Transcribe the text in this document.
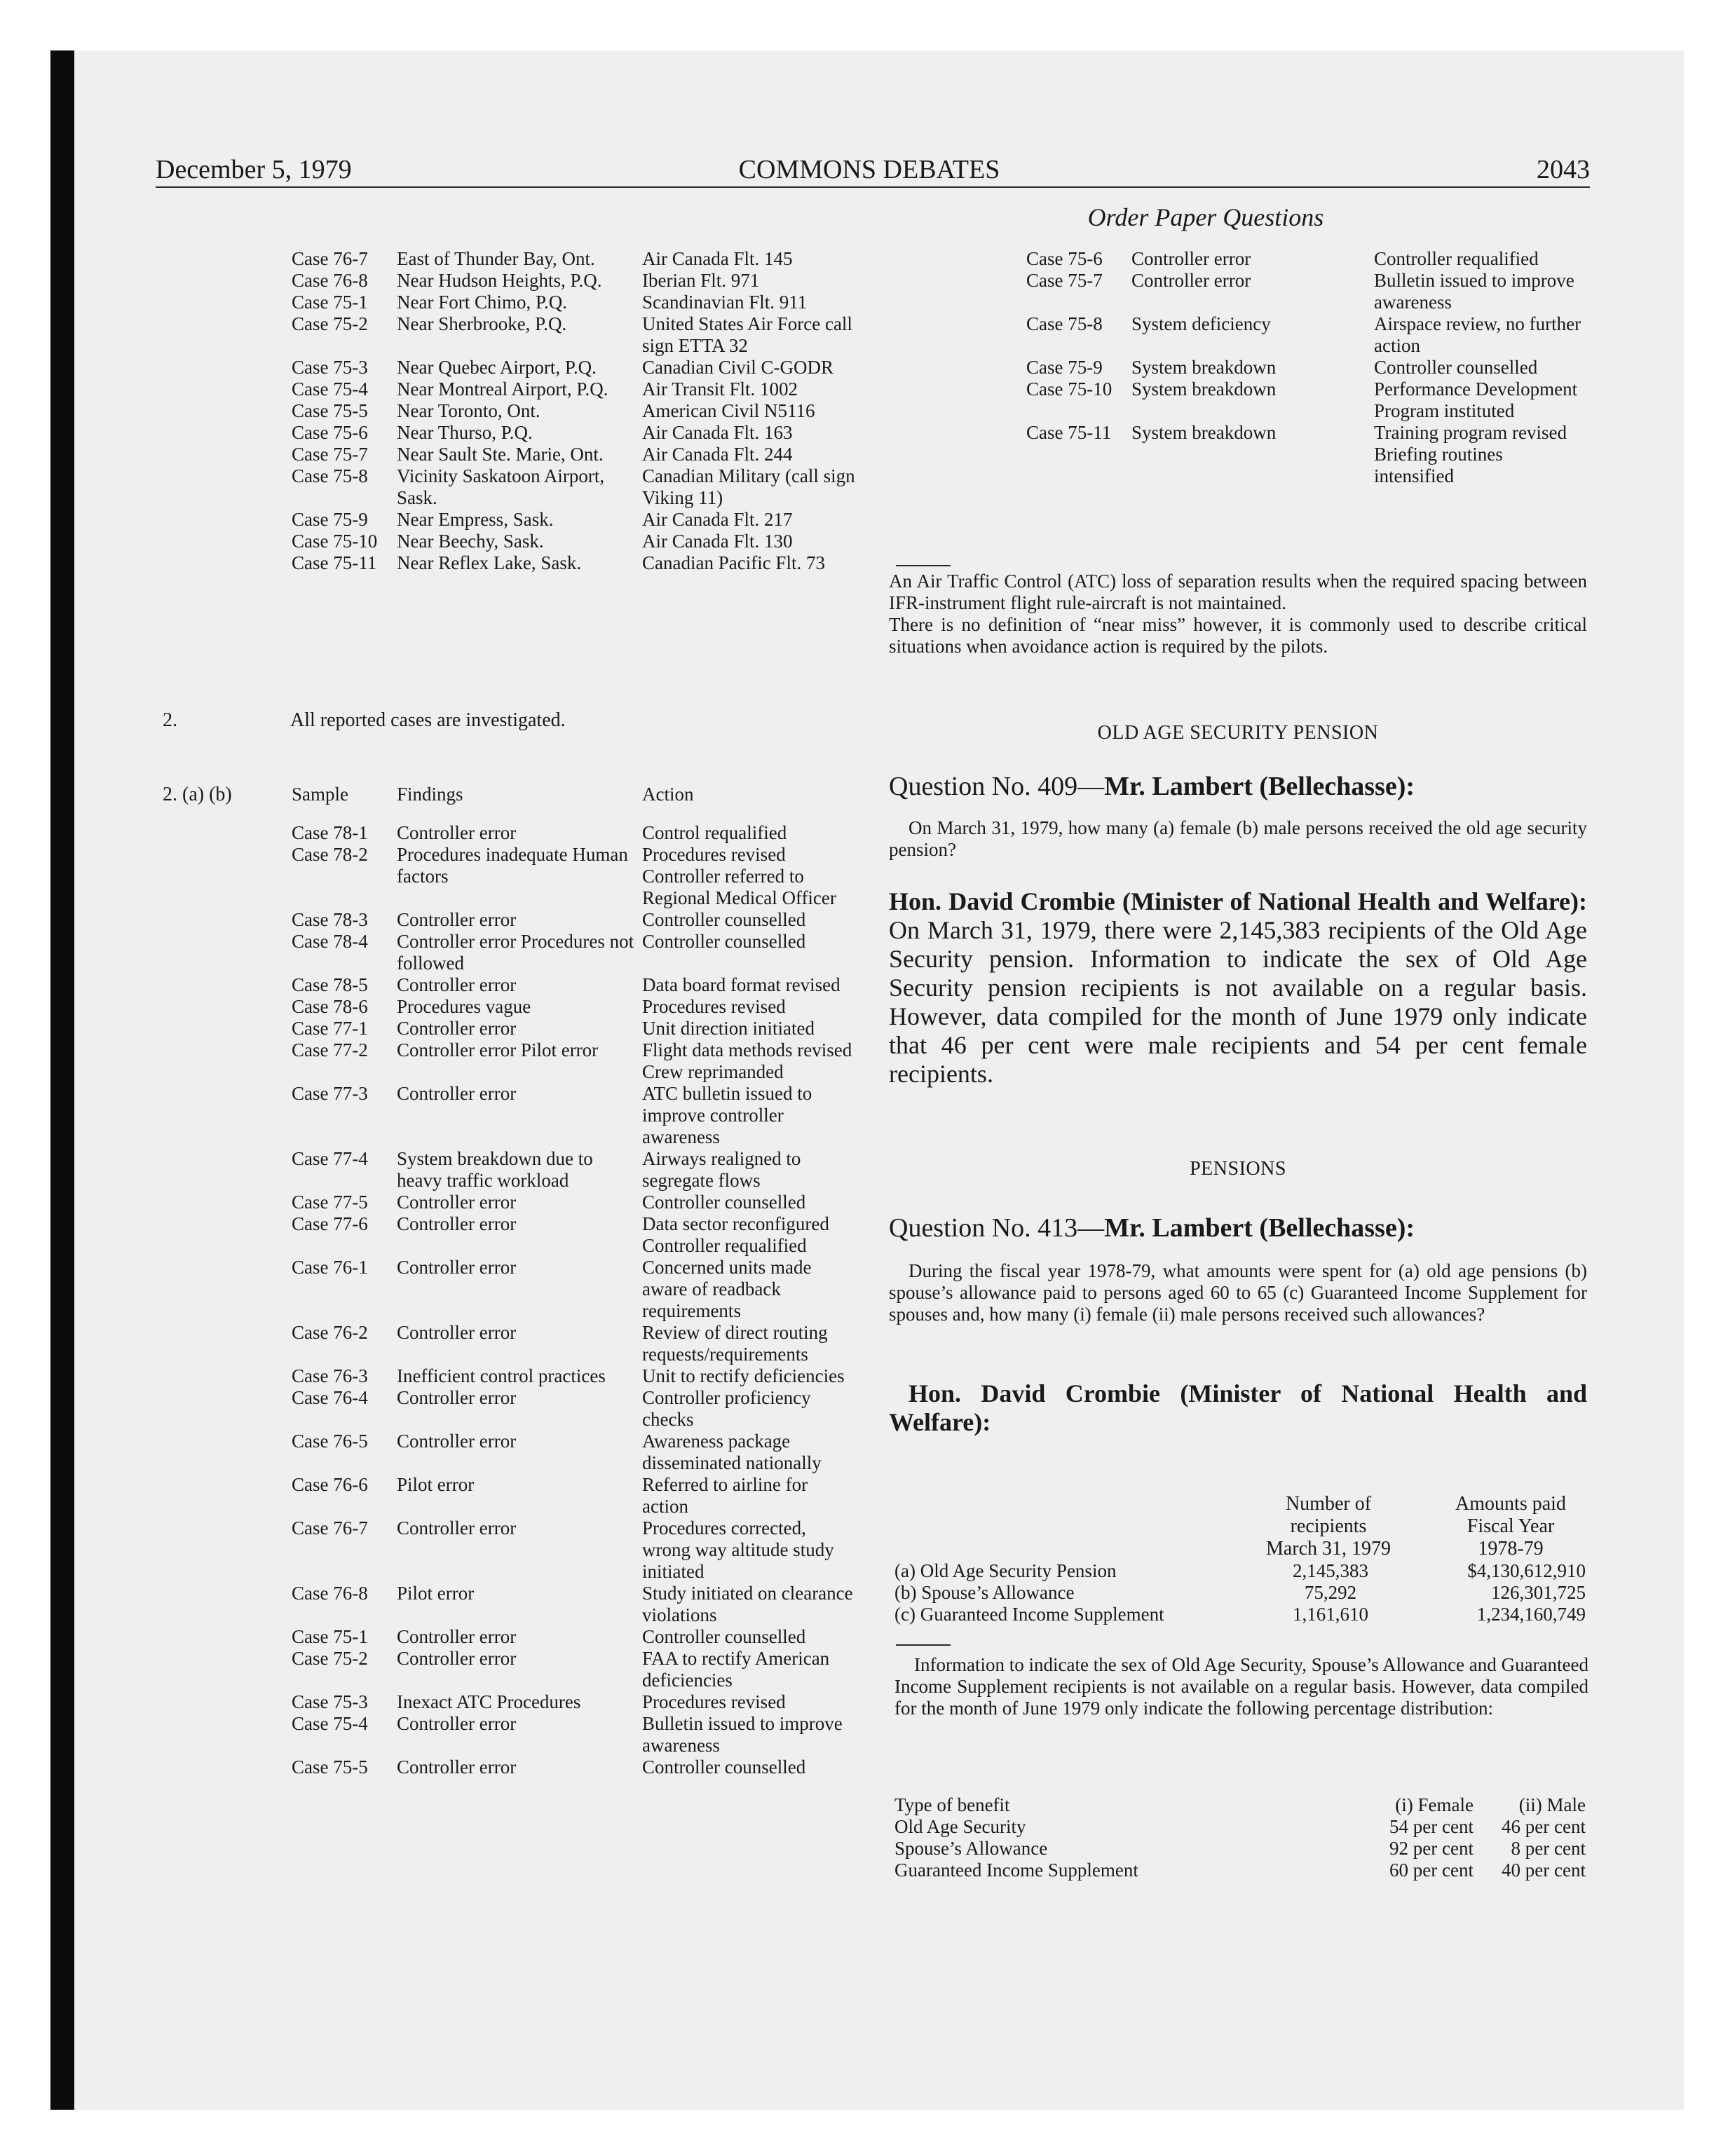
December 5, 1979	COMMONS DEBATES	2043
Order Paper Questions
Case 76-7	East of Thunder Bay, Ont.	Air Canada Flt. 145
Case 76-8	Near Hudson Heights, P.Q.	Iberian Flt. 971
Case 75-1	Near Fort Chimo, P.Q.	Scandinavian Flt. 911
Case 75-2	Near Sherbrooke, P.Q.	United States Air Force call sign ETTA 32
Case 75-3	Near Quebec Airport, P.Q.	Canadian Civil C-GODR
Case 75-4	Near Montreal Airport, P.Q.	Air Transit Flt. 1002
Case 75-5	Near Toronto, Ont.	American Civil N5116
Case 75-6	Near Thurso, P.Q.	Air Canada Flt. 163
Case 75-7	Near Sault Ste. Marie, Ont.	Air Canada Flt. 244
Case 75-8	Vicinity Saskatoon Airport, Sask.	Canadian Military (call sign Viking 11)
Case 75-9	Near Empress, Sask.	Air Canada Flt. 217
Case 75-10	Near Beechy, Sask.	Air Canada Flt. 130
Case 75-11	Near Reflex Lake, Sask.	Canadian Pacific Flt. 73
2.	All reported cases are investigated.
2. (a) (b)	Sample	Findings	Action

Case 78-1	Controller error	Control requalified
Case 78-2	Procedures inadequate Human factors	Procedures revised Controller referred to Regional Medical Officer
Case 78-3	Controller error	Controller counselled
Case 78-4	Controller error Procedures not followed	Controller counselled
Case 78-5	Controller error	Data board format revised
Case 78-6	Procedures vague	Procedures revised
Case 77-1	Controller error	Unit direction initiated
Case 77-2	Controller error Pilot error	Flight data methods revised Crew reprimanded
Case 77-3	Controller error	ATC bulletin issued to improve controller awareness
Case 77-4	System breakdown due to heavy traffic workload	Airways realigned to segregate flows
Case 77-5	Controller error	Controller counselled
Case 77-6	Controller error	Data sector reconfigured Controller requalified
Case 76-1	Controller error	Concerned units made aware of readback requirements
Case 76-2	Controller error	Review of direct routing requests/requirements
Case 76-3	Inefficient control practices	Unit to rectify deficiencies
Case 76-4	Controller error	Controller proficiency checks
Case 76-5	Controller error	Awareness package disseminated nationally
Case 76-6	Pilot error	Referred to airline for action
Case 76-7	Controller error	Procedures corrected, wrong way altitude study initiated
Case 76-8	Pilot error	Study initiated on clearance violations
Case 75-1	Controller error	Controller counselled
Case 75-2	Controller error	FAA to rectify American deficiencies
Case 75-3	Inexact ATC Procedures	Procedures revised
Case 75-4	Controller error	Bulletin issued to improve awareness
Case 75-5	Controller error	Controller counselled
Case 75-6	Controller error	Controller requalified
Case 75-7	Controller error	Bulletin issued to improve awareness
Case 75-8	System deficiency	Airspace review, no further action
Case 75-9	System breakdown	Controller counselled
Case 75-10	System breakdown	Performance Development Program instituted
Case 75-11	System breakdown	Training program revised Briefing routines intensified
An Air Traffic Control (ATC) loss of separation results when the required spacing between IFR-instrument flight rule-aircraft is not maintained.
There is no definition of “near miss” however, it is commonly used to describe critical situations when avoidance action is required by the pilots.
OLD AGE SECURITY PENSION
Question No. 409—Mr. Lambert (Bellechasse):
On March 31, 1979, how many (a) female (b) male persons received the old age security pension?
Hon. David Crombie (Minister of National Health and Welfare): On March 31, 1979, there were 2,145,383 recipients of the Old Age Security pension. Information to indicate the sex of Old Age Security pension recipients is not available on a regular basis. However, data compiled for the month of June 1979 only indicate that 46 per cent were male recipients and 54 per cent female recipients.
PENSIONS
Question No. 413—Mr. Lambert (Bellechasse):
During the fiscal year 1978-79, what amounts were spent for (a) old age pensions (b) spouse’s allowance paid to persons aged 60 to 65 (c) Guaranteed Income Supplement for spouses and, how many (i) female (ii) male persons received such allowances?
Hon. David Crombie (Minister of National Health and Welfare):
Number of
recipients
March 31, 1979
Amounts paid
Fiscal Year
1978-79
(a) Old Age Security Pension	2,145,383	$4,130,612,910
(b) Spouse’s Allowance	75,292	126,301,725
(c) Guaranteed Income Supplement	1,161,610	1,234,160,749
Information to indicate the sex of Old Age Security, Spouse’s Allowance and Guaranteed Income Supplement recipients is not available on a regular basis. However, data compiled for the month of June 1979 only indicate the following percentage distribution:
Type of benefit	(i) Female	(ii) Male
Old Age Security	54 per cent	46 per cent
Spouse’s Allowance	92 per cent	8 per cent
Guaranteed Income Supplement	60 per cent	40 per cent
